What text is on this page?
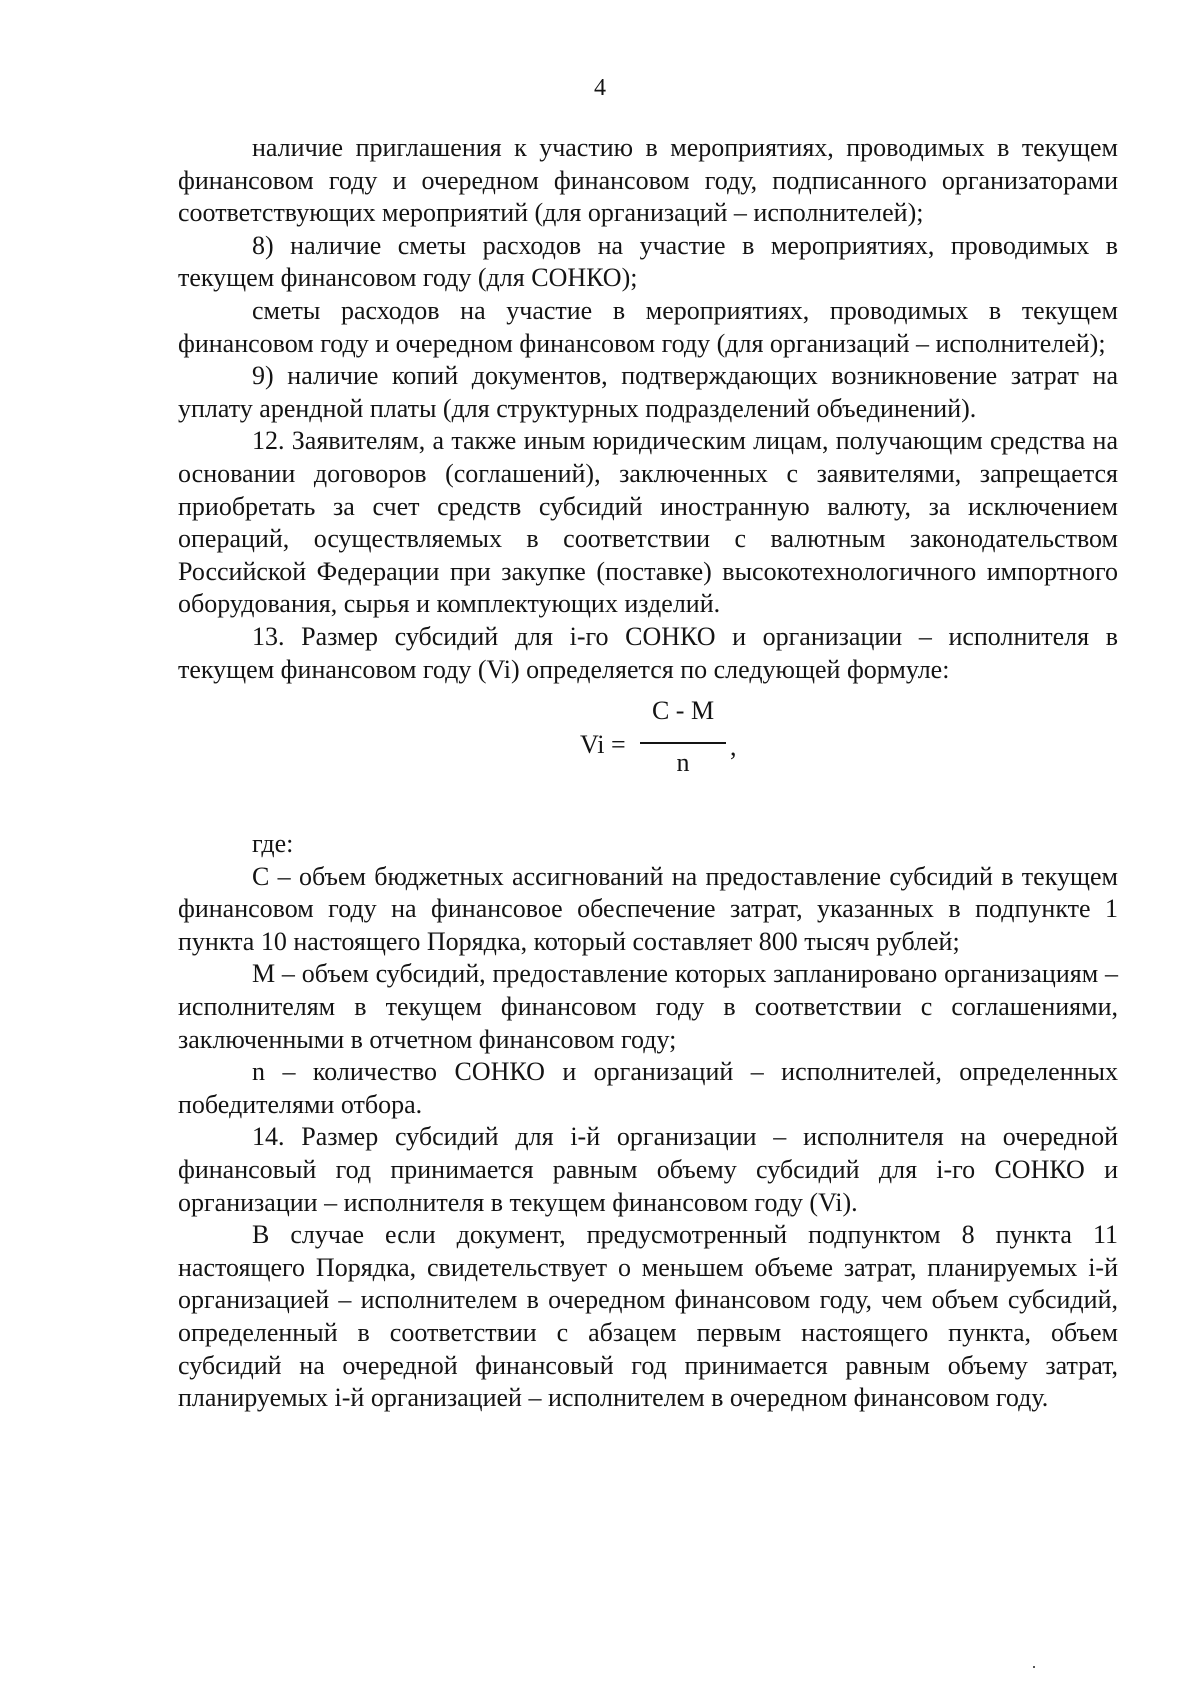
4

наличие приглашения к участию в мероприятиях, проводимых в текущем финансовом году и очередном финансовом году, подписанного организаторами соответствующих мероприятий (для организаций – исполнителей);

8) наличие сметы расходов на участие в мероприятиях, проводимых в текущем финансовом году (для СОНКО);

сметы расходов на участие в мероприятиях, проводимых в текущем финансовом году и очередном финансовом году (для организаций – исполнителей);

9) наличие копий документов, подтверждающих возникновение затрат на уплату арендной платы (для структурных подразделений объединений).

12. Заявителям, а также иным юридическим лицам, получающим средства на основании договоров (соглашений), заключенных с заявителями, запрещается приобретать за счет средств субсидий иностранную валюту, за исключением операций, осуществляемых в соответствии с валютным законодательством Российской Федерации при закупке (поставке) высокотехнологичного импортного оборудования, сырья и комплектующих изделий.

13. Размер субсидий для i-го СОНКО и организации – исполнителя в текущем финансовом году (Vi) определяется по следующей формуле:

Vi =
C - M
n
,

где:

С – объем бюджетных ассигнований на предоставление субсидий в текущем финансовом году на финансовое обеспечение затрат, указанных в подпункте 1 пункта 10 настоящего Порядка, который составляет 800 тысяч рублей;

М – объем субсидий, предоставление которых запланировано организациям – исполнителям в текущем финансовом году в соответствии с соглашениями, заключенными в отчетном финансовом году;

n – количество СОНКО и организаций – исполнителей, определенных победителями отбора.

14. Размер субсидий для i-й организации – исполнителя на очередной финансовый год принимается равным объему субсидий для i-го СОНКО и организации – исполнителя в текущем финансовом году (Vi).

В случае если документ, предусмотренный подпунктом 8 пункта 11 настоящего Порядка, свидетельствует о меньшем объеме затрат, планируемых i-й организацией – исполнителем в очередном финансовом году, чем объем субсидий, определенный в соответствии с абзацем первым настоящего пункта, объем субсидий на очередной финансовый год принимается равным объему затрат, планируемых i-й организацией – исполнителем в очередном финансовом году.
